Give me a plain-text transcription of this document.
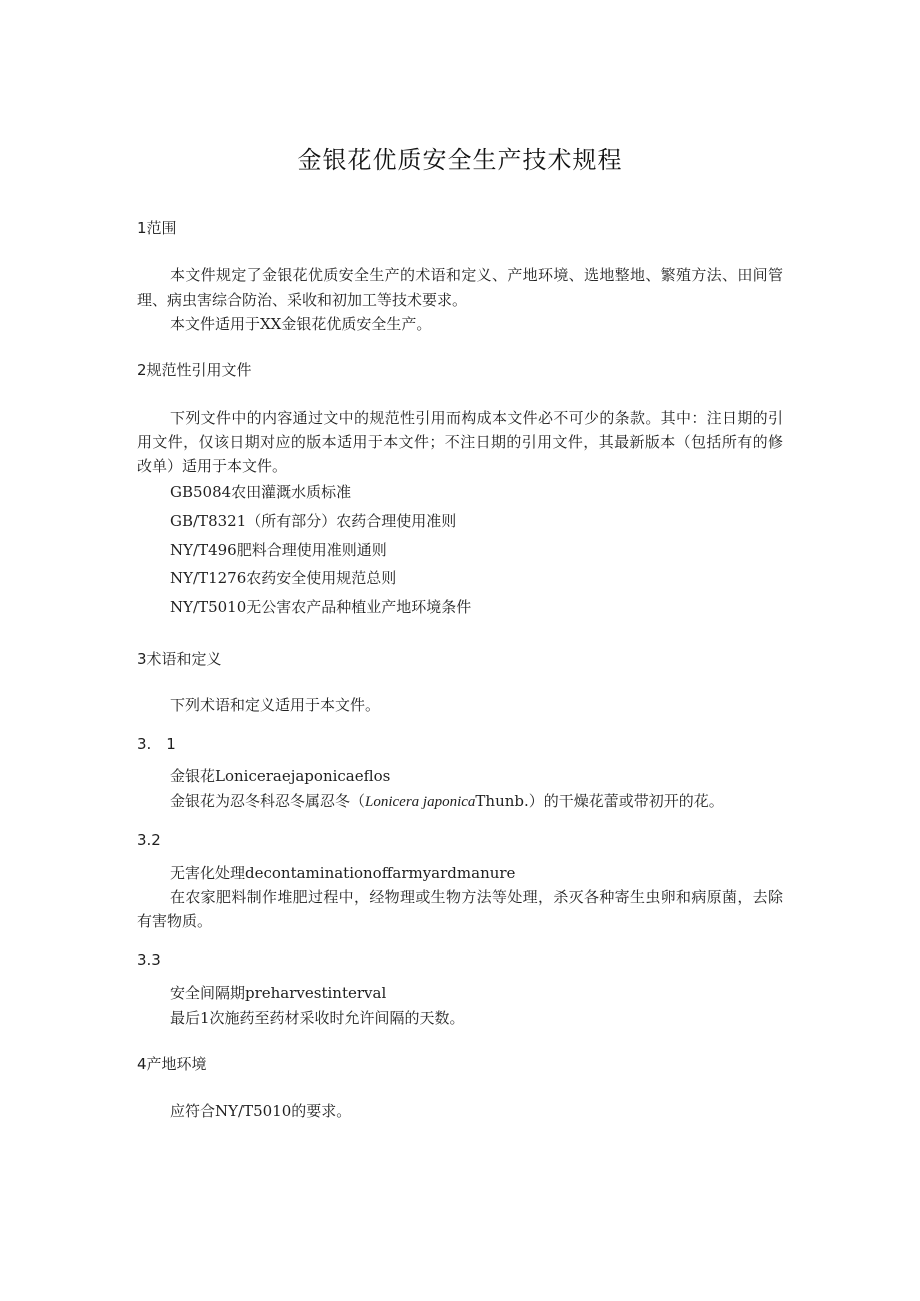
金银花优质安全生产技术规程
1范围
本文件规定了金银花优质安全生产的术语和定义、产地环境、选地整地、繁殖方法、田间管
理、病虫害综合防治、采收和初加工等技术要求。
本文件适用于XX金银花优质安全生产。
2规范性引用文件
下列文件中的内容通过文中的规范性引用而构成本文件必不可少的条款。其中：注日期的引
用文件，仅该日期对应的版本适用于本文件；不注日期的引用文件，其最新版本（包括所有的修
改单）适用于本文件。
GB5084农田灌溉水质标准
GB/T8321（所有部分）农药合理使用准则
NY/T496肥料合理使用准则通则
NY/T1276农药安全使用规范总则
NY/T5010无公害农产品种植业产地环境条件
3术语和定义
下列术语和定义适用于本文件。
3.　1
金银花Loniceraejaponicaeflos
金银花为忍冬科忍冬属忍冬（Lonicera japonicaThunb.）的干燥花蕾或带初开的花。
3.2
无害化处理decontaminationoffarmyardmanure
在农家肥料制作堆肥过程中，经物理或生物方法等处理，杀灭各种寄生虫卵和病原菌，去除
有害物质。
3.3
安全间隔期preharvestinterval
最后1次施药至药材采收时允许间隔的天数。
4产地环境
应符合NY/T5010的要求。
